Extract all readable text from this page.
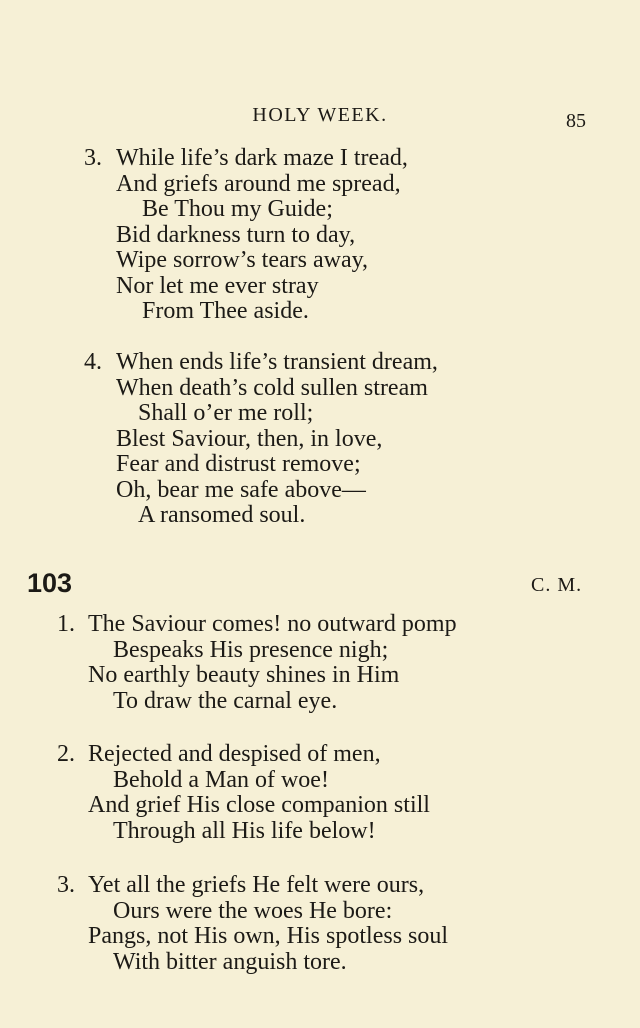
HOLY WEEK.	85
3. While life’s dark maze I tread,
And griefs around me spread,
Be Thou my Guide;
Bid darkness turn to day,
Wipe sorrow’s tears away,
Nor let me ever stray
From Thee aside.
4. When ends life’s transient dream,
When death’s cold sullen stream
Shall o’er me roll;
Blest Saviour, then, in love,
Fear and distrust remove;
Oh, bear me safe above—
A ransomed soul.
103	C. M.
1. The Saviour comes! no outward pomp
Bespeaks His presence nigh;
No earthly beauty shines in Him
To draw the carnal eye.
2. Rejected and despised of men,
Behold a Man of woe!
And grief His close companion still
Through all His life below!
3. Yet all the griefs He felt were ours,
Ours were the woes He bore:
Pangs, not His own, His spotless soul
With bitter anguish tore.
